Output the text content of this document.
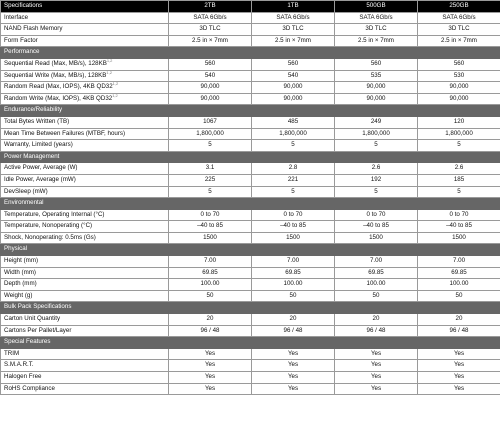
Specifications	2TB	1TB	500GB	250GB
Interface	SATA 6Gb/s	SATA 6Gb/s	SATA 6Gb/s	SATA 6Gb/s
NAND Flash Memory	3D TLC	3D TLC	3D TLC	3D TLC
Form Factor	2.5 in × 7mm	2.5 in × 7mm	2.5 in × 7mm	2.5 in × 7mm
Performance				
Sequential Read (Max, MB/s), 128KB$^{1,2}$	560	560	560	560
Sequential Write (Max, MB/s), 128KB$^{1,2}$	540	540	535	530
Random Read (Max, IOPS), 4KB QD32$^{1,2}$	90,000	90,000	90,000	90,000
Random Write (Max, IOPS), 4KB QD32$^{1,2}$	90,000	90,000	90,000	90,000
Endurance/Reliability				
Total Bytes Written (TB)	1067	485	249	120
Mean Time Between Failures (MTBF, hours)	1,800,000	1,800,000	1,800,000	1,800,000
Warranty, Limited (years)	5	5	5	5
Power Management				
Active Power, Average (W)	3.1	2.8	2.6	2.6
Idle Power, Average (mW)	225	221	192	185
DevSleep (mW)	5	5	5	5
Environmental				
Temperature, Operating Internal (°C)	0 to 70	0 to 70	0 to 70	0 to 70
Temperature, Nonoperating (°C)	–40 to 85	–40 to 85	–40 to 85	–40 to 85
Shock, Nonoperating: 0.5ms (Gs)	1500	1500	1500	1500
Physical				
Height (mm)	7.00	7.00	7.00	7.00
Width (mm)	69.85	69.85	69.85	69.85
Depth (mm)	100.00	100.00	100.00	100.00
Weight (g)	50	50	50	50
Bulk Pack Specifications				
Carton Unit Quantity	20	20	20	20
Cartons Per Pallet/Layer	96 / 48	96 / 48	96 / 48	96 / 48
Special Features				
TRIM	Yes	Yes	Yes	Yes
S.M.A.R.T.	Yes	Yes	Yes	Yes
Halogen Free	Yes	Yes	Yes	Yes
RoHS Compliance	Yes	Yes	Yes	Yes
